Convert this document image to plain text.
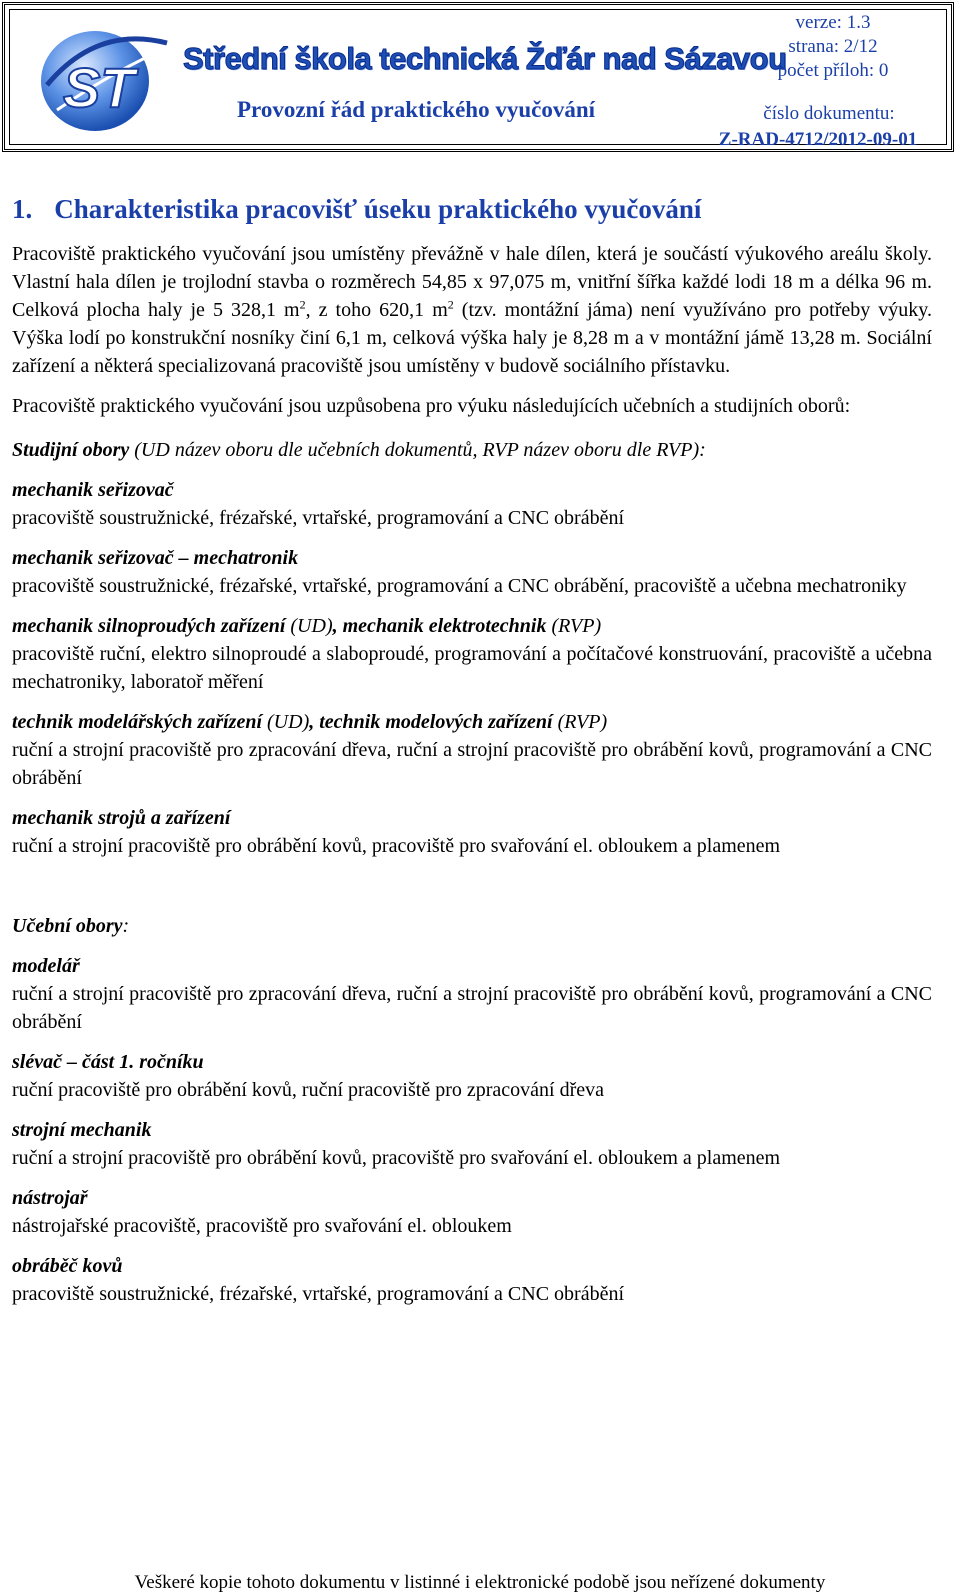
ST Střední škola technická Žďár nad Sázavou
Provozní řád praktického vyučování
verze: 1.3
strana: 2/12
počet příloh: 0
číslo dokumentu:
Z-RAD-4712/2012-09-01
1. Charakteristika pracovišť úseku praktického vyučování

Pracoviště praktického vyučování jsou umístěny převážně v hale dílen, která je součástí výukového areálu školy. Vlastní hala dílen je trojlodní stavba o rozměrech 54,85 x 97,075 m, vnitřní šířka každé lodi 18 m a délka 96 m. Celková plocha haly je 5 328,1 $m^2$, z toho 620,1 $m^2$ (tzv. montážní jáma) není využíváno pro potřeby výuky. Výška lodí po konstrukční nosníky činí 6,1 m, celková výška haly je 8,28 m a v montážní jámě 13,28 m. Sociální zařízení a některá specializovaná pracoviště jsou umístěny v budově sociálního přístavku.

Pracoviště praktického vyučování jsou uzpůsobena pro výuku následujících učebních a studijních oborů:

Studijní obory (UD název oboru dle učebních dokumentů, RVP název oboru dle RVP):

mechanik seřizovač

pracoviště soustružnické, frézařské, vrtařské, programování a CNC obrábění

mechanik seřizovač – mechatronik

pracoviště soustružnické, frézařské, vrtařské, programování a CNC obrábění, pracoviště a učebna mechatroniky

mechanik silnoproudých zařízení (UD), mechanik elektrotechnik (RVP)

pracoviště ruční, elektro silnoproudé a slaboproudé, programování a počítačové konstruování, pracoviště a učebna mechatroniky, laboratoř měření

technik modelářských zařízení (UD), technik modelových zařízení (RVP)

ruční a strojní pracoviště pro zpracování dřeva, ruční a strojní pracoviště pro obrábění kovů, programování a CNC obrábění

mechanik strojů a zařízení

ruční a strojní pracoviště pro obrábění kovů, pracoviště pro svařování el. obloukem a plamenem

Učební obory:

modelář

ruční a strojní pracoviště pro zpracování dřeva, ruční a strojní pracoviště pro obrábění kovů, programování a CNC obrábění

slévač – část 1. ročníku

ruční pracoviště pro obrábění kovů, ruční pracoviště pro zpracování dřeva

strojní mechanik

ruční a strojní pracoviště pro obrábění kovů, pracoviště pro svařování el. obloukem a plamenem

nástrojař

nástrojařské pracoviště, pracoviště pro svařování el. obloukem

obráběč kovů

pracoviště soustružnické, frézařské, vrtařské, programování a CNC obrábění

Veškeré kopie tohoto dokumentu v listinné i elektronické podobě jsou neřízené dokumenty
